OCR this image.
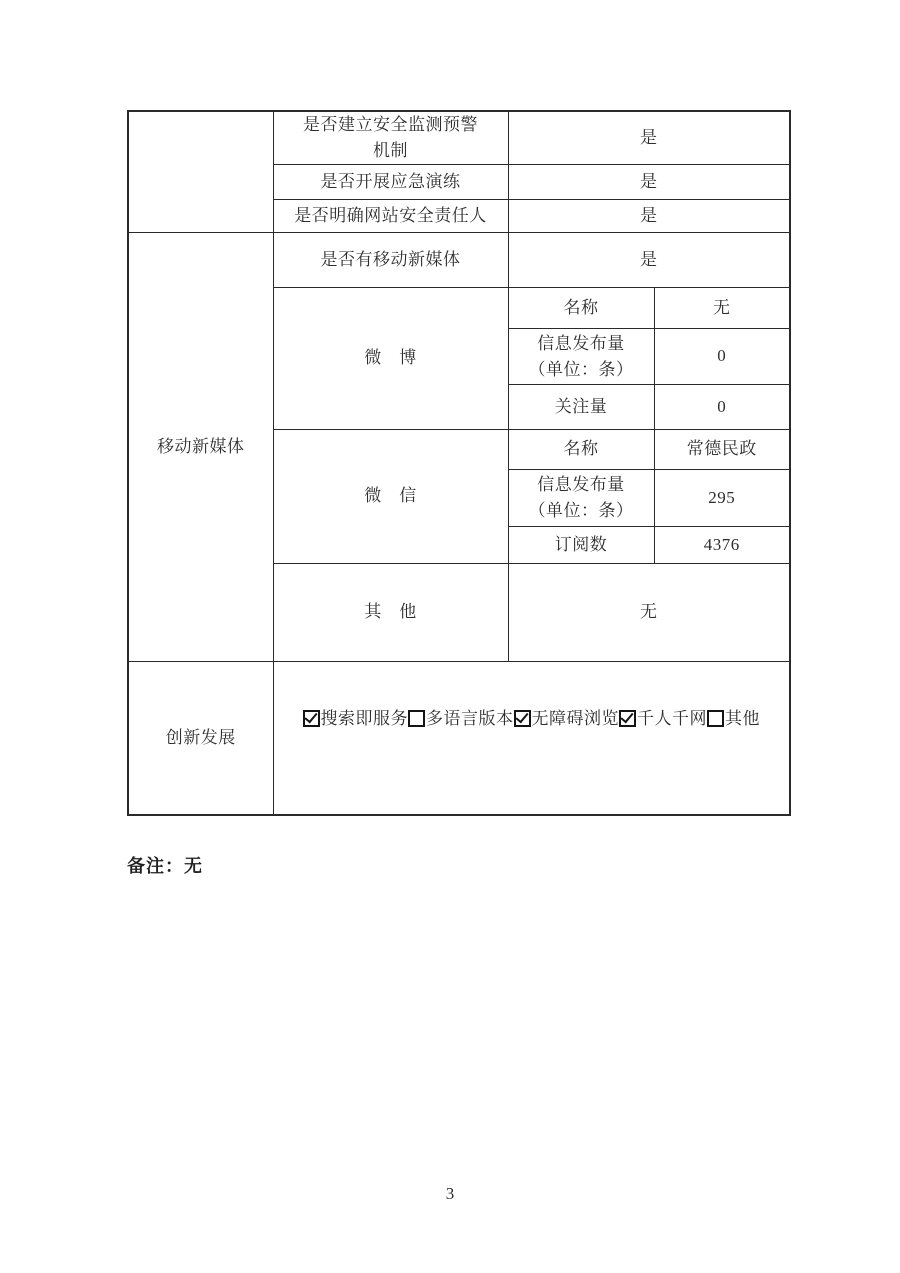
	是否建立安全监测预警
机制	是	
	是否开展应急演练	是	
	是否明确网站安全责任人	是	
移动新媒体	是否有移动新媒体	是	
	微　博	名称	无

		信息发布量
（单位：条）	0
		关注量	0
	微　信	名称	常德民政

		信息发布量
（单位：条）	295
		订阅数	4376
	其　他	无	
创新发展	搜索即服务 多语言版本 无障碍浏览 千人千网 其他		
备注：无
3
